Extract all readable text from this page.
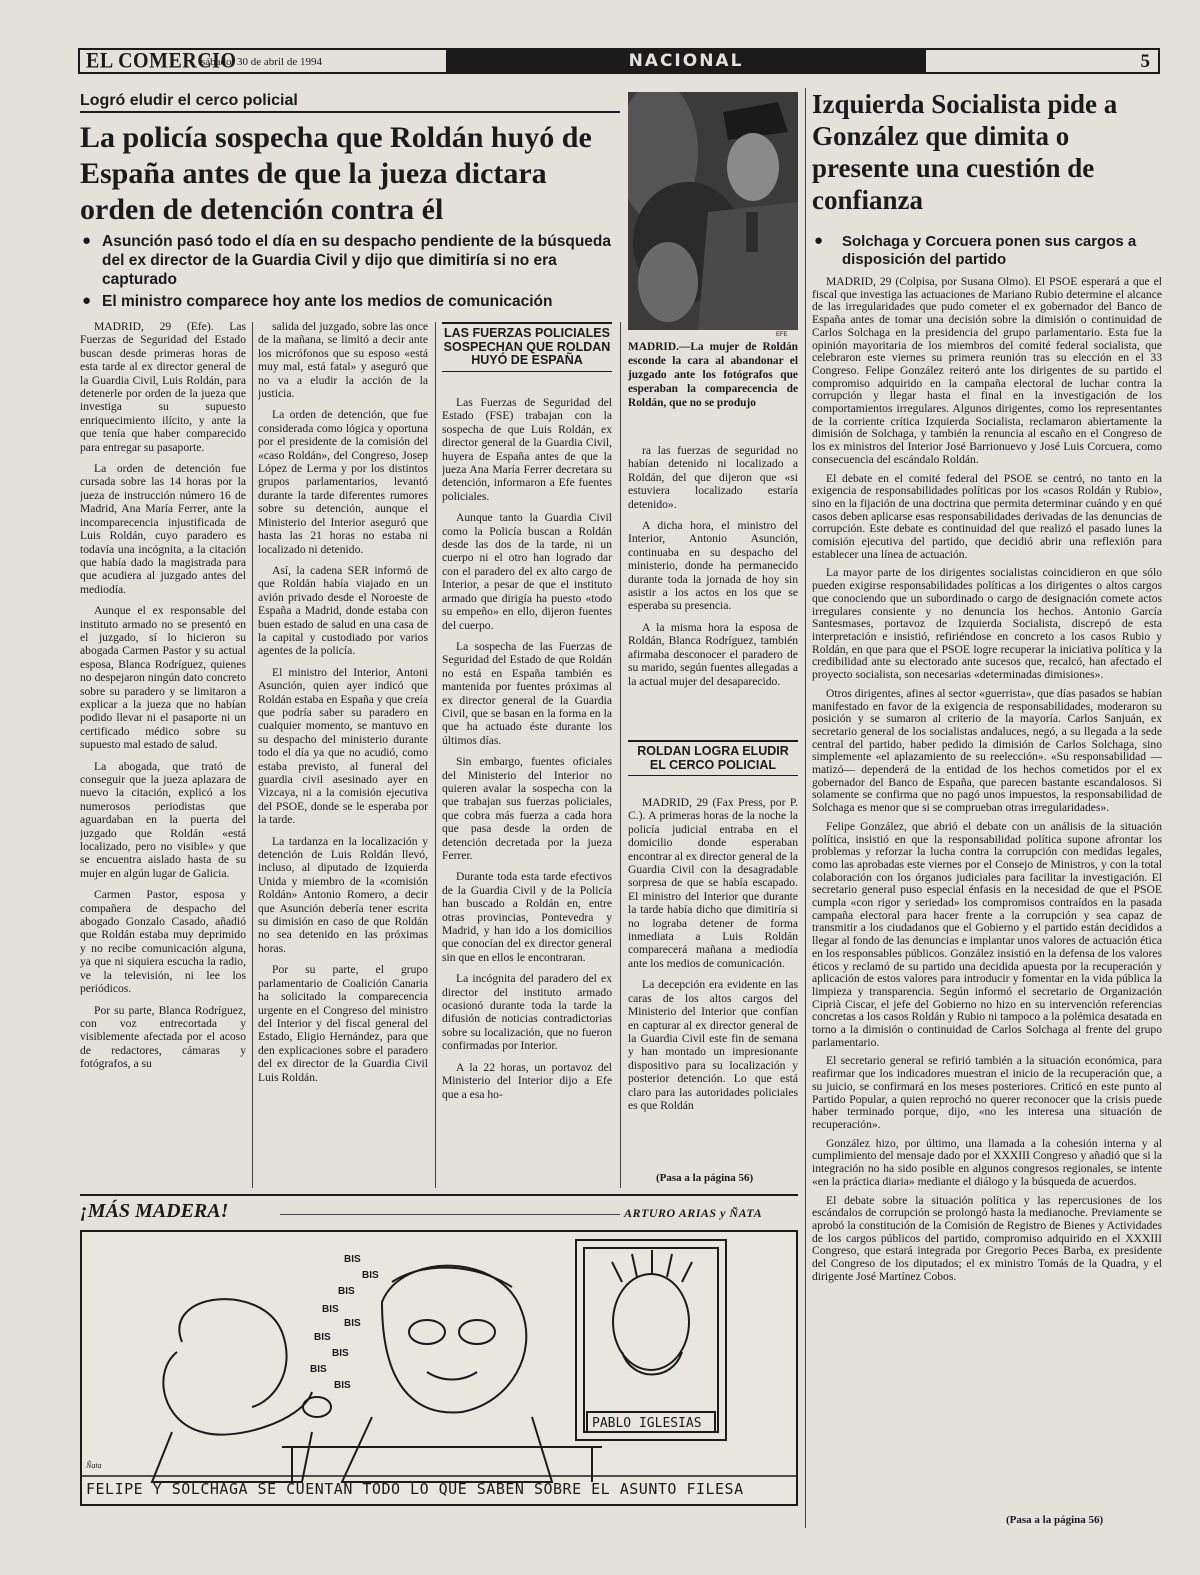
EL COMERCIO
sábado, 30 de abril de 1994	NACIONAL	5
Logró eludir el cerco policial
La policía sospecha que Roldán huyó de España antes de que la jueza dictara orden de detención contra él
● Asunción pasó todo el día en su despacho pendiente de la búsqueda del ex director de la Guardia Civil y dijo que dimitiría si no era capturado
● El ministro comparece hoy ante los medios de comunicación

MADRID, 29 (Efe). Las Fuerzas de Seguridad del Estado buscan desde primeras horas de esta tarde al ex director general de la Guardia Civil, Luis Roldán, para detenerle por orden de la jueza que investiga su supuesto enriquecimiento ilícito, y ante la que tenía que haber comparecido para entregar su pasaporte.

La orden de detención fue cursada sobre las 14 horas por la jueza de instrucción número 16 de Madrid, Ana María Ferrer, ante la incomparecencia injustificada de Luis Roldán, cuyo paradero es todavía una incógnita, a la citación que había dado la magistrada para que acudiera al juzgado antes del mediodía.

Aunque el ex responsable del instituto armado no se presentó en el juzgado, sí lo hicieron su abogada Carmen Pastor y su actual esposa, Blanca Rodríguez, quienes no despejaron ningún dato concreto sobre su paradero y se limitaron a explicar a la jueza que no habían podido llevar ni el pasaporte ni un certificado médico sobre su supuesto mal estado de salud.

La abogada, que trató de conseguir que la jueza aplazara de nuevo la citación, explicó a los numerosos periodistas que aguardaban en la puerta del juzgado que Roldán «está localizado, pero no visible» y que se encuentra aislado hasta de su mujer en algún lugar de Galicia.

Carmen Pastor, esposa y compañera de despacho del abogado Gonzalo Casado, añadió que Roldán estaba muy deprimido y no recibe comunicación alguna, ya que ni siquiera escucha la radio, ve la televisión, ni lee los periódicos.

Por su parte, Blanca Rodríguez, con voz entrecortada y visiblemente afectada por el acoso de redactores, cámaras y fotógrafos, a su

salida del juzgado, sobre las once de la mañana, se limitó a decir ante los micrófonos que su esposo «está muy mal, está fatal» y aseguró que no va a eludir la acción de la justicia.

La orden de detención, que fue considerada como lógica y oportuna por el presidente de la comisión del «caso Roldán», del Congreso, Josep López de Lerma y por los distintos grupos parlamentarios, levantó durante la tarde diferentes rumores sobre su detención, aunque el Ministerio del Interior aseguró que hasta las 21 horas no estaba ni localizado ni detenido.

Así, la cadena SER informó de que Roldán había viajado en un avión privado desde el Noroeste de España a Madrid, donde estaba con buen estado de salud en una casa de la capital y custodiado por varios agentes de la policía.

El ministro del Interior, Antoni Asunción, quien ayer indicó que Roldán estaba en España y que creía que podría saber su paradero en cualquier momento, se mantuvo en su despacho del ministerio durante todo el día ya que no acudió, como estaba previsto, al funeral del guardia civil asesinado ayer en Vizcaya, ni a la comisión ejecutiva del PSOE, donde se le esperaba por la tarde.

La tardanza en la localización y detención de Luis Roldán llevó, incluso, al diputado de Izquierda Unida y miembro de la «comisión Roldán» Antonio Romero, a decir que Asunción debería tener escrita su dimisión en caso de que Roldán no sea detenido en las próximas horas.

Por su parte, el grupo parlamentario de Coalición Canaria ha solicitado la comparecencia urgente en el Congreso del ministro del Interior y del fiscal general del Estado, Eligio Hernández, para que den explicaciones sobre el paradero del ex director de la Guardia Civil Luis Roldán.

LAS FUERZAS POLICIALES SOSPECHAN QUE ROLDAN HUYÓ DE ESPAÑA

Las Fuerzas de Seguridad del Estado (FSE) trabajan con la sospecha de que Luis Roldán, ex director general de la Guardia Civil, huyera de España antes de que la jueza Ana María Ferrer decretara su detención, informaron a Efe fuentes policiales.

Aunque tanto la Guardia Civil como la Policía buscan a Roldán desde las dos de la tarde, ni un cuerpo ni el otro han logrado dar con el paradero del ex alto cargo de Interior, a pesar de que el instituto armado que dirigía ha puesto «todo su empeño» en ello, dijeron fuentes del cuerpo.

La sospecha de las Fuerzas de Seguridad del Estado de que Roldán no está en España también es mantenida por fuentes próximas al ex director general de la Guardia Civil, que se basan en la forma en la que ha actuado éste durante los últimos días.

Sin embargo, fuentes oficiales del Ministerio del Interior no quieren avalar la sospecha con la que trabajan sus fuerzas policiales, que cobra más fuerza a cada hora que pasa desde la orden de detención decretada por la jueza Ferrer.

Durante toda esta tarde efectivos de la Guardia Civil y de la Policía han buscado a Roldán en, entre otras provincias, Pontevedra y Madrid, y han ido a los domicilios que conocían del ex director general sin que en ellos le encontraran.

La incógnita del paradero del ex director del instituto armado ocasionó durante toda la tarde la difusión de noticias contradictorias sobre su localización, que no fueron confirmadas por Interior.

A la 22 horas, un portavoz del Ministerio del Interior dijo a Efe que a esa ho-

EFE
MADRID.—La mujer de Roldán esconde la cara al abandonar el juzgado ante los fotógrafos que esperaban la comparecencia de Roldán, que no se produjo

ra las fuerzas de seguridad no habían detenido ni localizado a Roldán, del que dijeron que «si estuviera localizado estaría detenido».

A dicha hora, el ministro del Interior, Antonio Asunción, continuaba en su despacho del ministerio, donde ha permanecido durante toda la jornada de hoy sin asistir a los actos en los que se esperaba su presencia.

A la misma hora la esposa de Roldán, Blanca Rodríguez, también afirmaba desconocer el paradero de su marido, según fuentes allegadas a la actual mujer del desaparecido.

ROLDAN LOGRA ELUDIR EL CERCO POLICIAL

MADRID, 29 (Fax Press, por P. C.). A primeras horas de la noche la policía judicial entraba en el domicilio donde esperaban encontrar al ex director general de la Guardia Civil con la desagradable sorpresa de que se había escapado. El ministro del Interior que durante la tarde había dicho que dimitiría si no lograba detener de forma inmediata a Luis Roldán comparecerá mañana a mediodía ante los medios de comunicación.

La decepción era evidente en las caras de los altos cargos del Ministerio del Interior que confían en capturar al ex director general de la Guardia Civil este fin de semana y han montado un impresionante dispositivo para su localización y posterior detención. Lo que está claro para las autoridades policiales es que Roldán

(Pasa a la página 56)
Izquierda Socialista pide a González que dimita o presente una cuestión de confianza
● Solchaga y Corcuera ponen sus cargos a disposición del partido

MADRID, 29 (Colpisa, por Susana Olmo). El PSOE esperará a que el fiscal que investiga las actuaciones de Mariano Rubio determine el alcance de las irregularidades que pudo cometer el ex gobernador del Banco de España antes de tomar una decisión sobre la dimisión o continuidad de Carlos Solchaga en la presidencia del grupo parlamentario. Esta fue la opinión mayoritaria de los miembros del comité federal socialista, que celebraron este viernes su primera reunión tras su elección en el 33 Congreso. Felipe González reiteró ante los dirigentes de su partido el compromiso adquirido en la campaña electoral de luchar contra la corrupción y llegar hasta el final en la investigación de los comportamientos irregulares. Algunos dirigentes, como los representantes de la corriente crítica Izquierda Socialista, reclamaron abiertamente la dimisión de Solchaga, y también la renuncia al escaño en el Congreso de los ex ministros del Interior José Barrionuevo y José Luis Corcuera, como consecuencia del escándalo Roldán.

El debate en el comité federal del PSOE se centró, no tanto en la exigencia de responsabilidades políticas por los «casos Roldán y Rubio», sino en la fijación de una doctrina que permita determinar cuándo y en qué casos deben aplicarse esas responsabilidades derivadas de las denuncias de corrupción. Este debate es continuidad del que realizó el pasado lunes la comisión ejecutiva del partido, que decidió abrir una reflexión para establecer una línea de actuación.

La mayor parte de los dirigentes socialistas coincidieron en que sólo pueden exigirse responsabilidades políticas a los dirigentes o altos cargos que conociendo que un subordinado o cargo de designación comete actos irregulares consiente y no denuncia los hechos. Antonio García Santesmases, portavoz de Izquierda Socialista, discrepó de esta interpretación e insistió, refiriéndose en concreto a los casos Rubio y Roldán, en que para que el PSOE logre recuperar la iniciativa política y la credibilidad ante su electorado ante sucesos que, recalcó, han afectado el proyecto socialista, son necesarias «determinadas dimisiones».

Otros dirigentes, afines al sector «guerrista», que días pasados se habían manifestado en favor de la exigencia de responsabilidades, moderaron su posición y se sumaron al criterio de la mayoría. Carlos Sanjuán, ex secretario general de los socialistas andaluces, negó, a su llegada a la sede central del partido, haber pedido la dimisión de Carlos Solchaga, sino simplemente «el aplazamiento de su reelección». «Su responsabilidad —matizó— dependerá de la entidad de los hechos cometidos por el ex gobernador del Banco de España, que parecen bastante escandalosos. Si solamente se confirma que no pagó unos impuestos, la responsabilidad de Solchaga es menor que si se comprueban otras irregularidades».

Felipe González, que abrió el debate con un análisis de la situación política, insistió en que la responsabilidad política supone afrontar los problemas y reforzar la lucha contra la corrupción con medidas legales, como las aprobadas este viernes por el Consejo de Ministros, y con la total colaboración con los órganos judiciales para facilitar la investigación. El secretario general puso especial énfasis en la necesidad de que el PSOE cumpla «con rigor y seriedad» los compromisos contraídos en la pasada campaña electoral para hacer frente a la corrupción y sea capaz de transmitir a los ciudadanos que el Gobierno y el partido están decididos a llegar al fondo de las denuncias e implantar unos valores de actuación ética en los responsables públicos. González insistió en la defensa de los valores éticos y reclamó de su partido una decidida apuesta por la recuperación y aplicación de estos valores para introducir y fomentar en la vida pública la limpieza y transparencia. Según informó el secretario de Organización Ciprià Ciscar, el jefe del Gobierno no hizo en su intervención referencias concretas a los casos Roldán y Rubio ni tampoco a la polémica desatada en torno a la dimisión o continuidad de Carlos Solchaga al frente del grupo parlamentario.

El secretario general se refirió también a la situación económica, para reafirmar que los indicadores muestran el inicio de la recuperación que, a su juicio, se confirmará en los meses posteriores. Criticó en este punto al Partido Popular, a quien reprochó no querer reconocer que la crisis puede haber terminado porque, dijo, «no les interesa una situación de recuperación».

González hizo, por último, una llamada a la cohesión interna y al cumplimiento del mensaje dado por el XXXIII Congreso y añadió que si la integración no ha sido posible en algunos congresos regionales, se intente «en la práctica diaria» mediante el diálogo y la búsqueda de acuerdos.

El debate sobre la situación política y las repercusiones de los escándalos de corrupción se prolongó hasta la medianoche. Previamente se aprobó la constitución de la Comisión de Registro de Bienes y Actividades de los cargos públicos del partido, compromiso adquirido en el XXXIII Congreso, que estará integrada por Gregorio Peces Barba, ex presidente del Congreso de los diputados; el ex ministro Tomás de la Quadra, y el dirigente José Martínez Cobos.

(Pasa a la página 56)
¡MÁS MADERA!	ARTURO ARIAS y ÑATA
BIS
BIS
BIS
BIS
BIS
BIS
BIS
BIS
BIS
PABLO IGLESIAS
Ñata
FELIPE Y SOLCHAGA SE CUENTAN TODO LO QUE SABEN SOBRE EL ASUNTO FILESA
